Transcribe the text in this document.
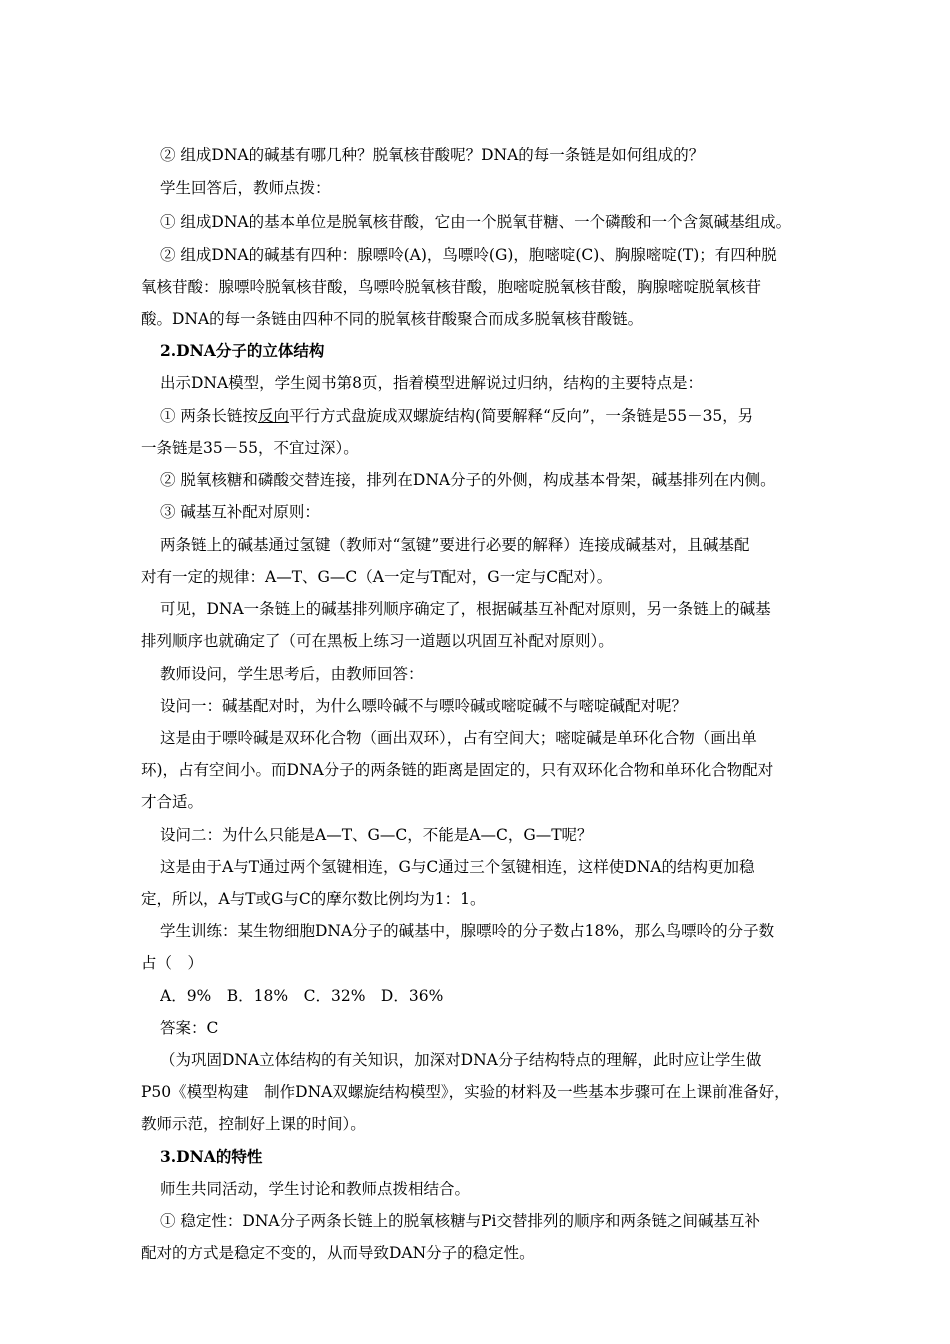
② 组成DNA的碱基有哪几种？脱氧核苷酸呢？DNA的每一条链是如何组成的？
学生回答后，教师点拨：
① 组成DNA的基本单位是脱氧核苷酸，它由一个脱氧苷糖、一个磷酸和一个含氮碱基组成。
② 组成DNA的碱基有四种：腺嘌呤(A)，鸟嘌呤(G)，胞嘧啶(C)、胸腺嘧啶(T)；有四种脱
氧核苷酸：腺嘌呤脱氧核苷酸，鸟嘌呤脱氧核苷酸，胞嘧啶脱氧核苷酸，胸腺嘧啶脱氧核苷
酸。DNA的每一条链由四种不同的脱氧核苷酸聚合而成多脱氧核苷酸链。
2.DNA分子的立体结构
出示DNA模型，学生阅书第8页，指着模型进解说过归纳，结构的主要特点是：
① 两条长链按反向平行方式盘旋成双螺旋结构(简要解释“反向”，一条链是55－35，另
一条链是35－55，不宜过深）。
② 脱氧核糖和磷酸交替连接，排列在DNA分子的外侧，构成基本骨架，碱基排列在内侧。
③ 碱基互补配对原则：
两条链上的碱基通过氢键（教师对“氢键”要进行必要的解释）连接成碱基对，且碱基配
对有一定的规律：A—T、G—C（A一定与T配对，G一定与C配对）。
可见，DNA一条链上的碱基排列顺序确定了，根据碱基互补配对原则，另一条链上的碱基
排列顺序也就确定了（可在黑板上练习一道题以巩固互补配对原则）。
教师设问，学生思考后，由教师回答：
设问一：碱基配对时，为什么嘌呤碱不与嘌呤碱或嘧啶碱不与嘧啶碱配对呢？
这是由于嘌呤碱是双环化合物（画出双环），占有空间大；嘧啶碱是单环化合物（画出单
环)，占有空间小。而DNA分子的两条链的距离是固定的，只有双环化合物和单环化合物配对
才合适。
设问二：为什么只能是A—T、G—C，不能是A—C，G—T呢？
这是由于A与T通过两个氢键相连，G与C通过三个氢键相连，这样使DNA的结构更加稳
定，所以，A与T或G与C的摩尔数比例均为1：1。
学生训练：某生物细胞DNA分子的碱基中，腺嘌呤的分子数占18%，那么鸟嘌呤的分子数
占（　）
A．9%　B．18%　C．32%　D．36%
答案：C
（为巩固DNA立体结构的有关知识，加深对DNA分子结构特点的理解，此时应让学生做
P50《模型构建　制作DNA双螺旋结构模型》，实验的材料及一些基本步骤可在上课前准备好，
教师示范，控制好上课的时间）。
3.DNA的特性
师生共同活动，学生讨论和教师点拨相结合。
① 稳定性：DNA分子两条长链上的脱氧核糖与Pi交替排列的顺序和两条链之间碱基互补
配对的方式是稳定不变的，从而导致DAN分子的稳定性。
